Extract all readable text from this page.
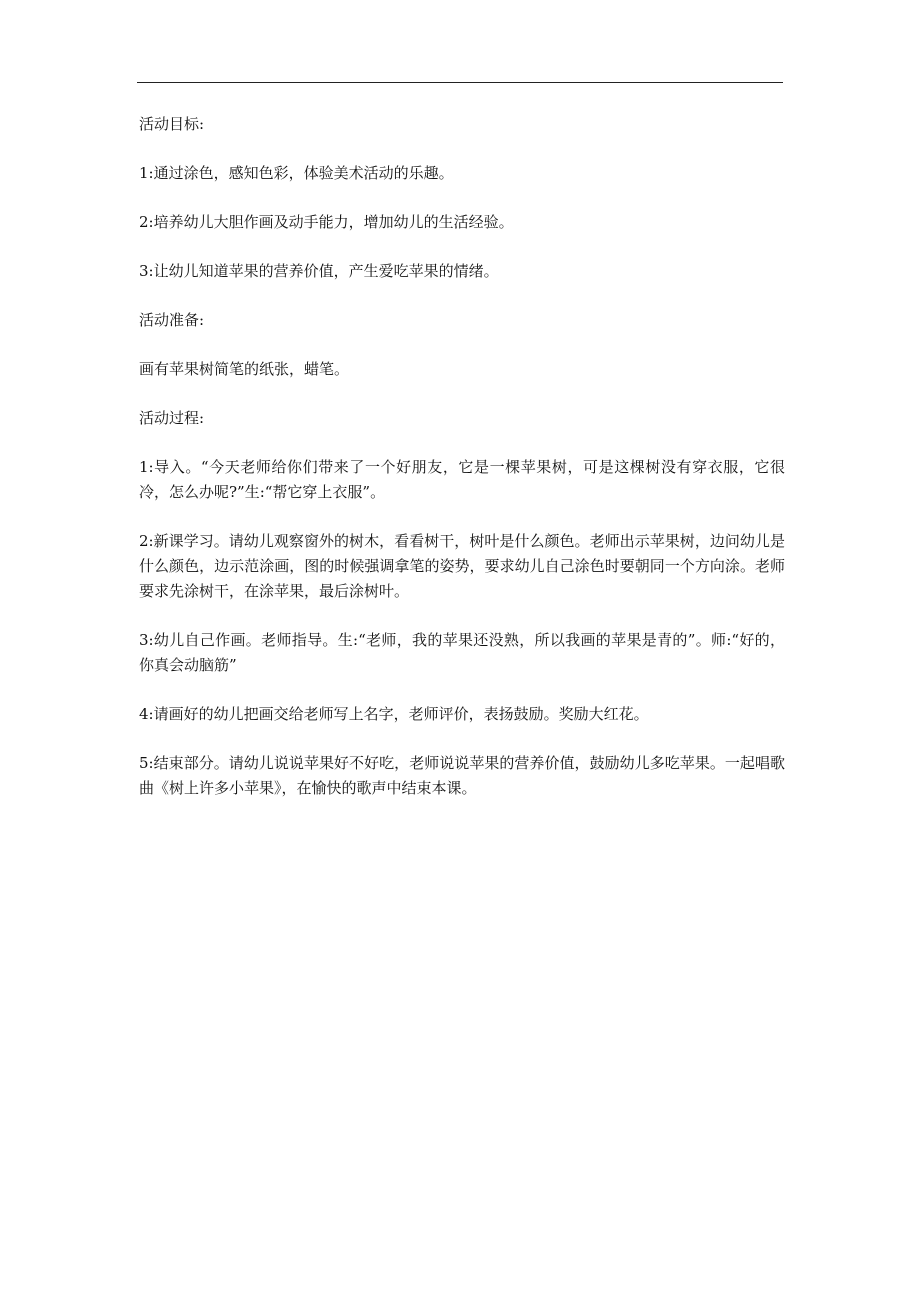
活动目标:

1:通过涂色，感知色彩，体验美术活动的乐趣。

2:培养幼儿大胆作画及动手能力，增加幼儿的生活经验。

3:让幼儿知道苹果的营养价值，产生爱吃苹果的情绪。

活动准备:

画有苹果树简笔的纸张，蜡笔。

活动过程:

1:导入。“今天老师给你们带来了一个好朋友，它是一棵苹果树，可是这棵树没有穿衣服，它很冷，怎么办呢?”生:“帮它穿上衣服”。

2:新课学习。请幼儿观察窗外的树木，看看树干，树叶是什么颜色。老师出示苹果树，边问幼儿是什么颜色，边示范涂画，图的时候强调拿笔的姿势，要求幼儿自己涂色时要朝同一个方向涂。老师要求先涂树干，在涂苹果，最后涂树叶。

3:幼儿自己作画。老师指导。生:“老师，我的苹果还没熟，所以我画的苹果是青的”。师:“好的，你真会动脑筋”

4:请画好的幼儿把画交给老师写上名字，老师评价，表扬鼓励。奖励大红花。

5:结束部分。请幼儿说说苹果好不好吃，老师说说苹果的营养价值，鼓励幼儿多吃苹果。一起唱歌曲《树上许多小苹果》，在愉快的歌声中结束本课。
